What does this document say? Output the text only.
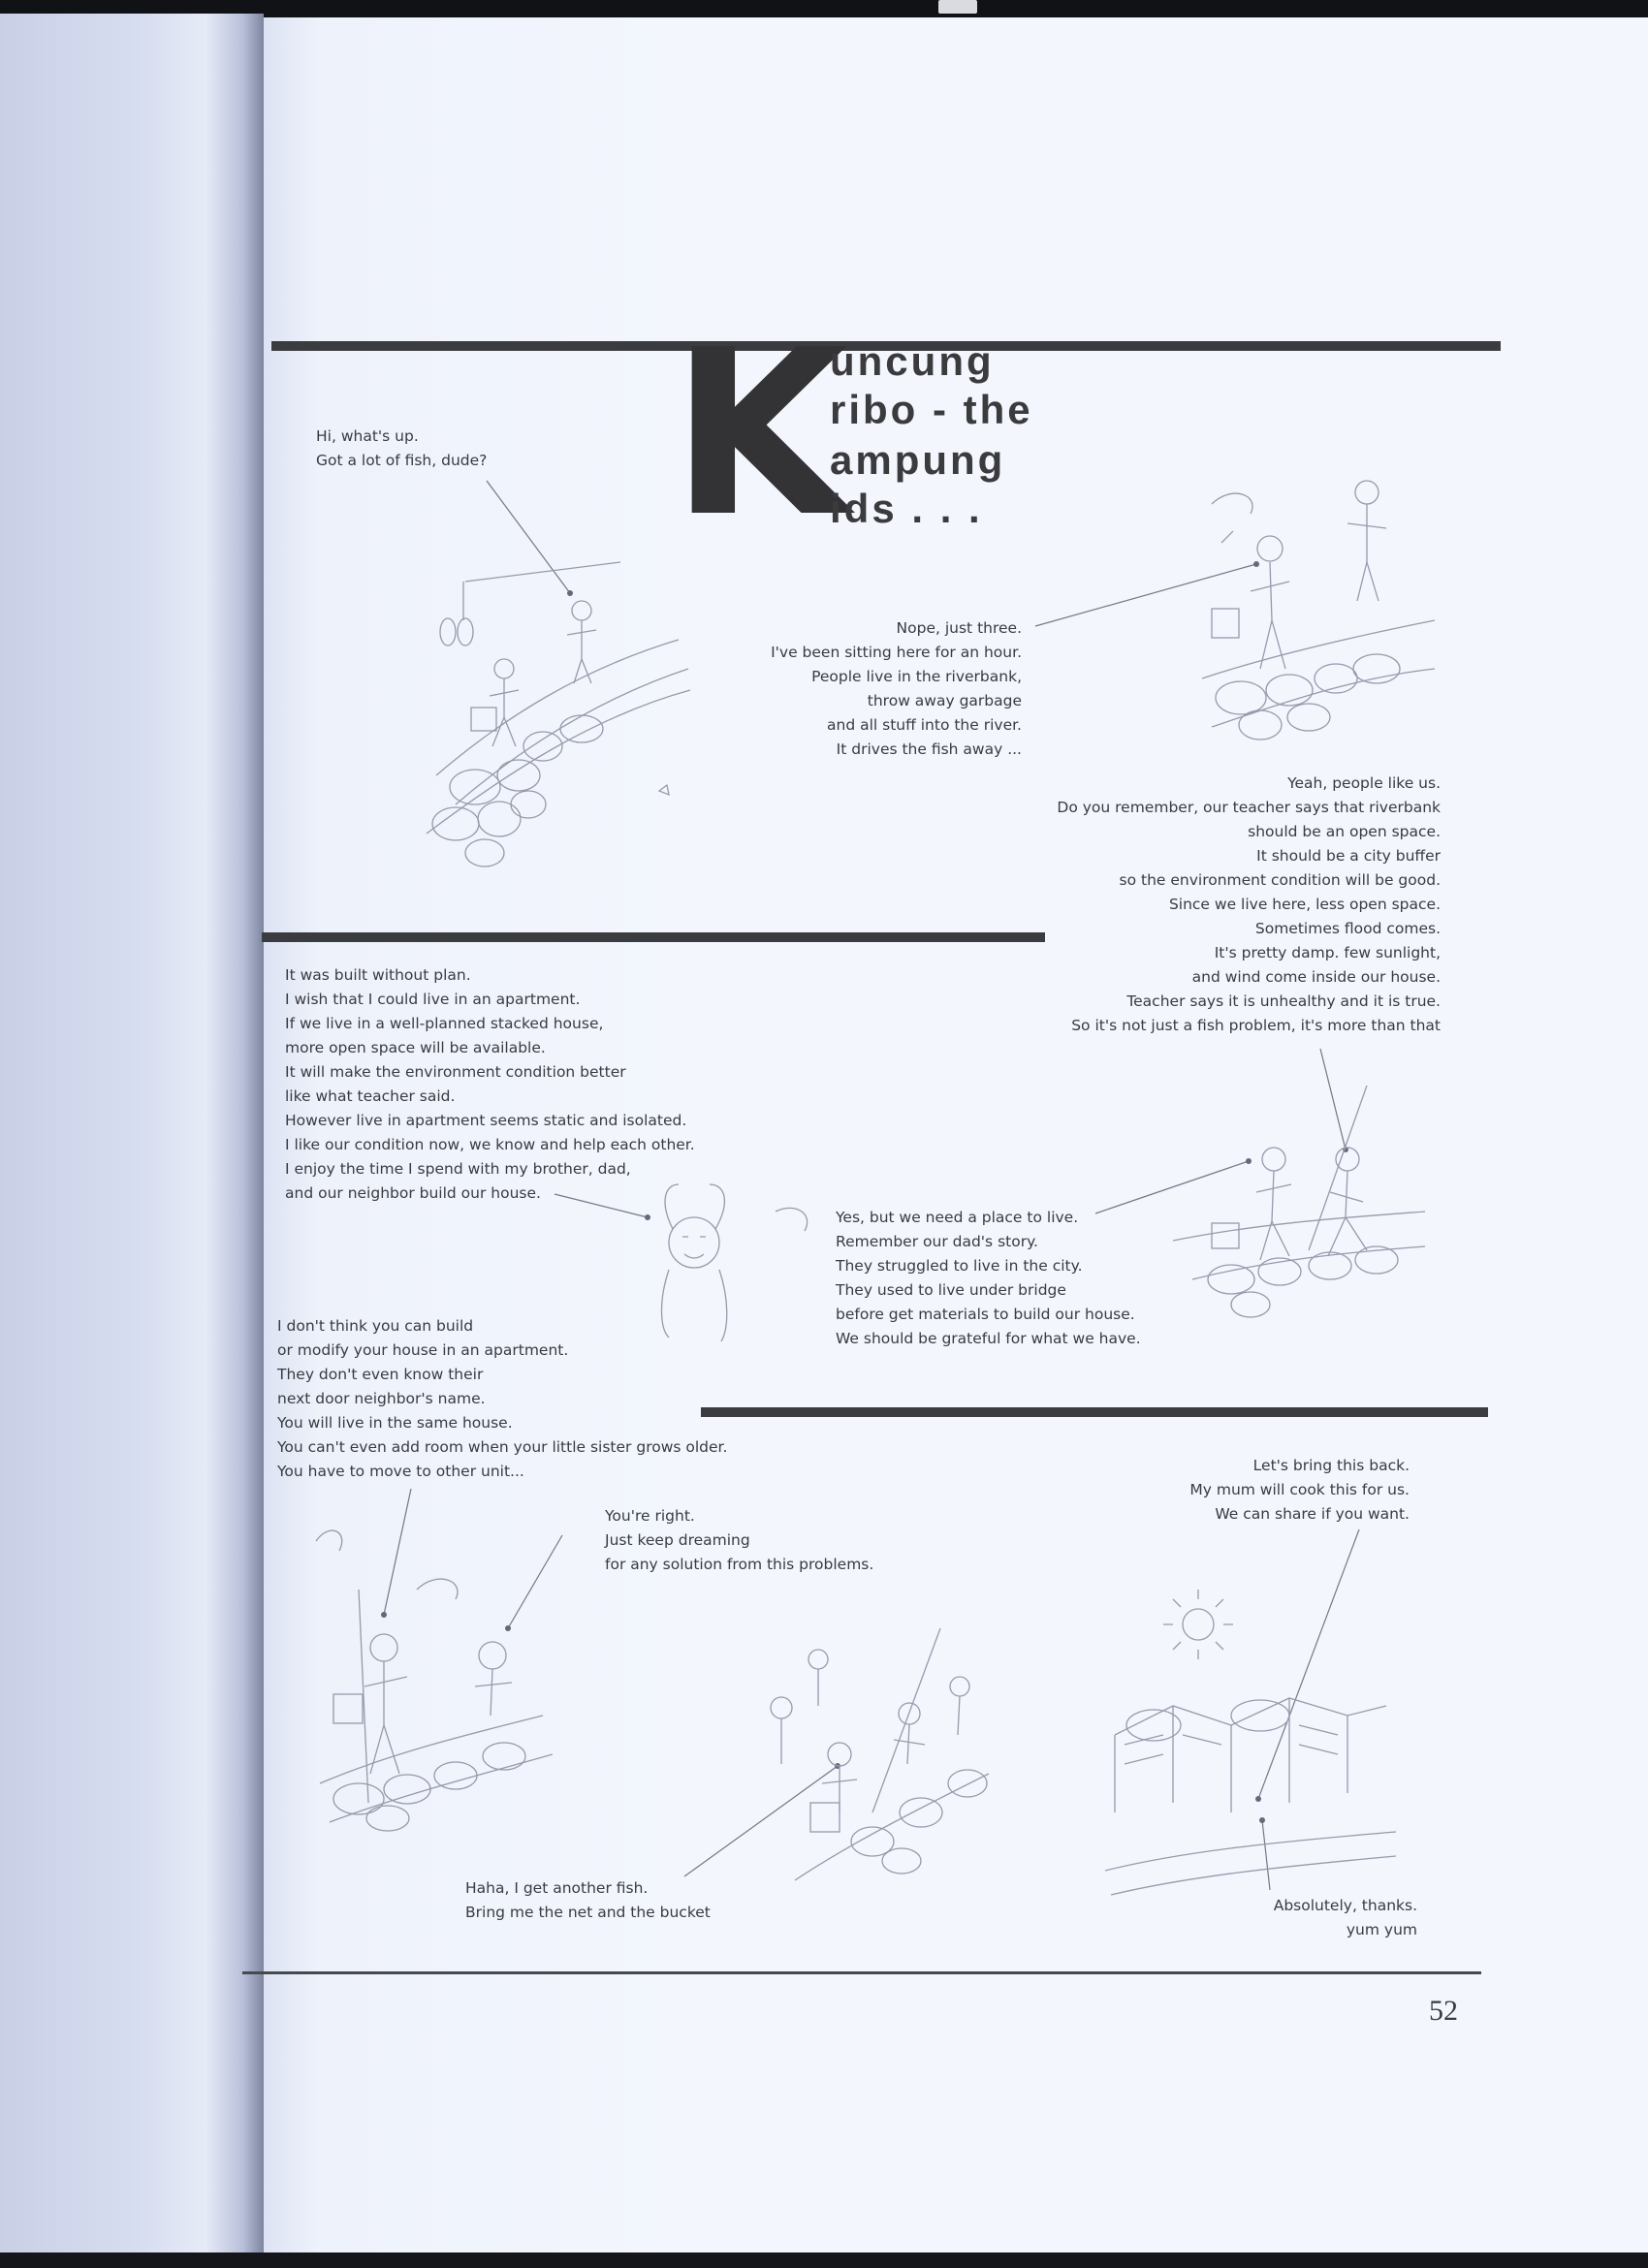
K
uncung
ribo - the
ampung
ids . . .
Hi, what's up.
Got a lot of fish, dude?
Nope, just three.
I've been sitting here for an hour.
People live in the riverbank,
throw away garbage
and all stuff into the river.
It drives the fish away ...
Yeah, people like us.
Do you remember, our teacher says that riverbank
should be an open space.
It should be a city buffer
so the environment condition will be good.
Since we live here, less open space.
Sometimes flood comes.
It's pretty damp. few sunlight,
and wind come inside our house.
Teacher says it is unhealthy and it is true.
So it's not just a fish problem, it's more than that
It was built without plan.
I wish that I could live in an apartment.
If we live in a well-planned stacked house,
more open space will be available.
It will make the environment condition better
like what teacher said.
However live in apartment seems static and isolated.
I like our condition now, we know and help each other.
I enjoy the time I spend with my brother, dad,
and our neighbor build our house.
Yes, but we need a place to live.
Remember our dad's story.
They struggled to live in the city.
They used to live under bridge
before get materials to build our house.
We should be grateful for what we have.
I don't think you can build
or modify your house in an apartment.
They don't even know their
next door neighbor's name.
You will live in the same house.
You can't even add room when your little sister grows older.
You have to move to other unit...	Let's bring this back.
My mum will cook this for us.
We can share if you want.
You're right.
Just keep dreaming
for any solution from this problems.
Haha, I get another fish.
Bring me the net and the bucket	Absolutely, thanks.
yum yum
52
